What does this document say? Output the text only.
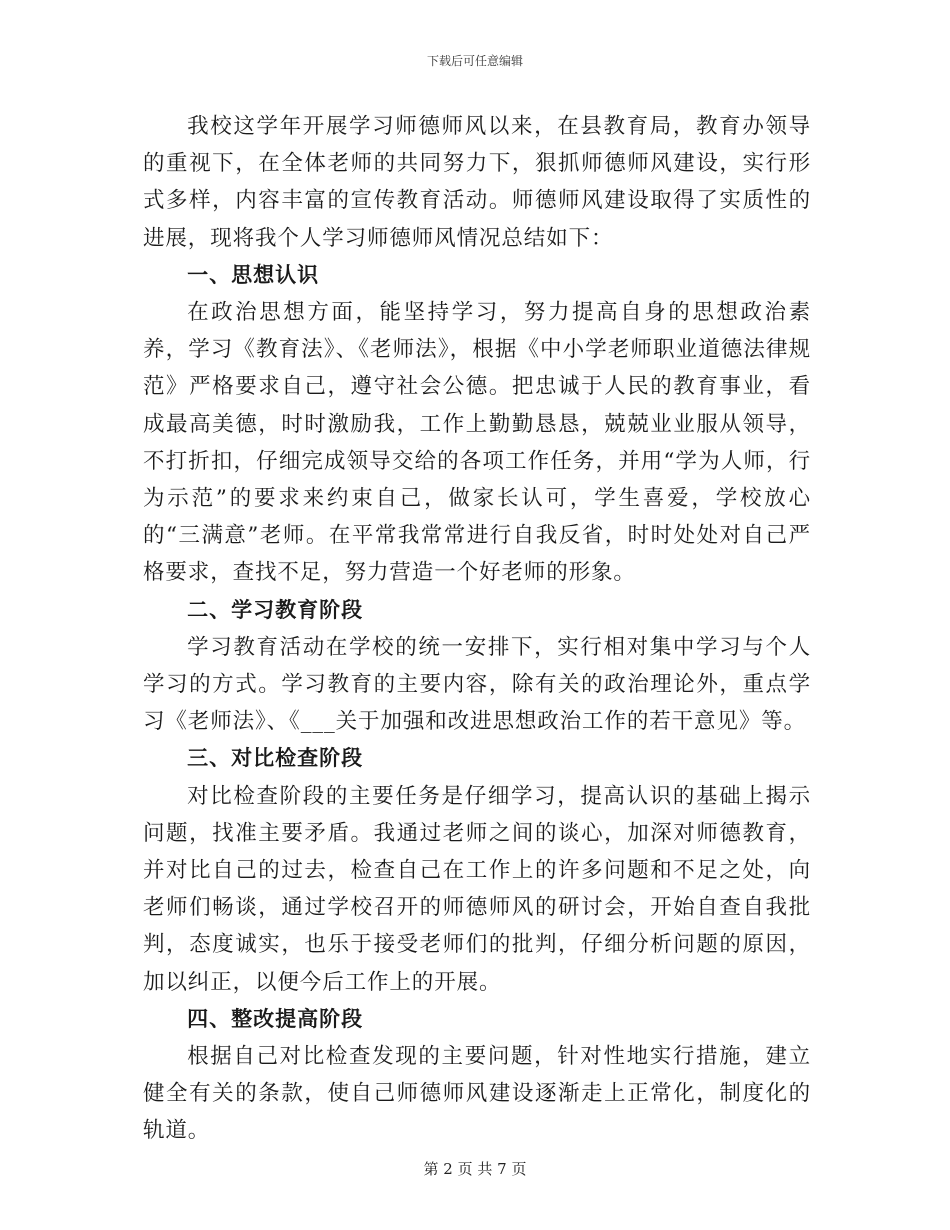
下载后可任意编辑

我校这学年开展学习师德师风以来，在县教育局，教育办领导的重视下，在全体老师的共同努力下，狠抓师德师风建设，实行形式多样，内容丰富的宣传教育活动。师德师风建设取得了实质性的进展，现将我个人学习师德师风情况总结如下：

一、思想认识

在政治思想方面，能坚持学习，努力提高自身的思想政治素养，学习《教育法》、《老师法》，根据《中小学老师职业道德法律规范》严格要求自己，遵守社会公德。把忠诚于人民的教育事业，看成最高美德，时时激励我，工作上勤勤恳恳，兢兢业业服从领导，不打折扣，仔细完成领导交给的各项工作任务，并用“学为人师，行为示范”的要求来约束自己，做家长认可，学生喜爱，学校放心的“三满意”老师。在平常我常常进行自我反省，时时处处对自己严格要求，查找不足，努力营造一个好老师的形象。

二、学习教育阶段

学习教育活动在学校的统一安排下，实行相对集中学习与个人学习的方式。学习教育的主要内容，除有关的政治理论外，重点学习《老师法》、《___关于加强和改进思想政治工作的若干意见》等。

三、对比检查阶段

对比检查阶段的主要任务是仔细学习，提高认识的基础上揭示问题，找准主要矛盾。我通过老师之间的谈心，加深对师德教育，并对比自己的过去，检查自己在工作上的许多问题和不足之处，向老师们畅谈，通过学校召开的师德师风的研讨会，开始自查自我批判，态度诚实，也乐于接受老师们的批判，仔细分析问题的原因，加以纠正，以便今后工作上的开展。

四、整改提高阶段

根据自己对比检查发现的主要问题，针对性地实行措施，建立健全有关的条款，使自己师德师风建设逐渐走上正常化，制度化的轨道。

第 2 页 共 7 页
